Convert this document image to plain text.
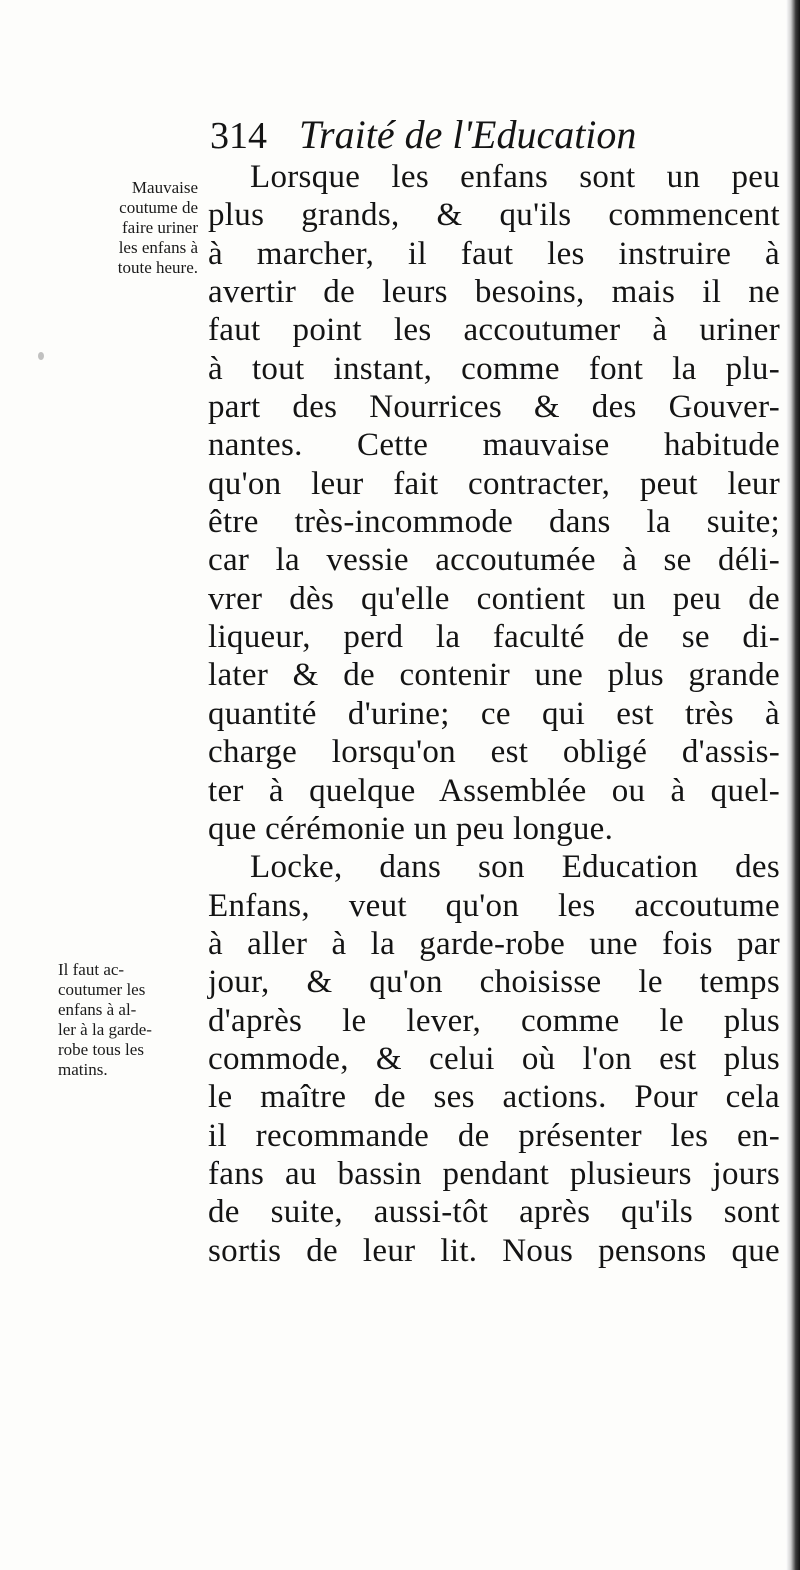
314 Traité de l'Education
Mauvaise
coutume de
faire uriner
les enfans à
toute heure.
Il faut ac-
coutumer les
enfans à al-
ler à la garde-
robe tous les
matins.
Lorsque les enfans sont un peu
plus grands, & qu'ils commencent
à marcher, il faut les instruire à
avertir de leurs besoins, mais il ne
faut point les accoutumer à uriner
à tout instant, comme font la plu-
part des Nourrices & des Gouver-
nantes. Cette mauvaise habitude
qu'on leur fait contracter, peut leur
être très-incommode dans la suite;
car la vessie accoutumée à se déli-
vrer dès qu'elle contient un peu de
liqueur, perd la faculté de se di-
later & de contenir une plus grande
quantité d'urine; ce qui est très à
charge lorsqu'on est obligé d'assis-
ter à quelque Assemblée ou à quel-
que cérémonie un peu longue.
Locke, dans son Education des
Enfans, veut qu'on les accoutume
à aller à la garde-robe une fois par
jour, & qu'on choisisse le temps
d'après le lever, comme le plus
commode, & celui où l'on est plus
le maître de ses actions. Pour cela
il recommande de présenter les en-
fans au bassin pendant plusieurs jours
de suite, aussi-tôt après qu'ils sont
sortis de leur lit. Nous pensons que
